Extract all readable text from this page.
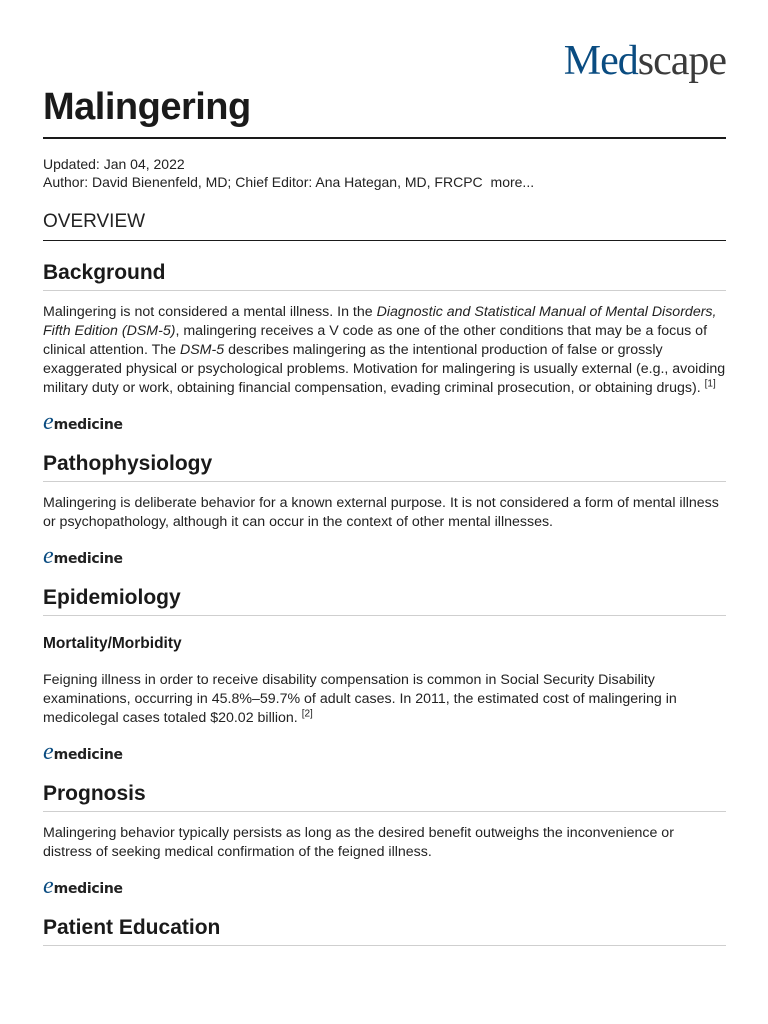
Medscape
Malingering
Updated: Jan 04, 2022
Author: David Bienenfeld, MD; Chief Editor: Ana Hategan, MD, FRCPC more...
OVERVIEW
Background

Malingering is not considered a mental illness. In the Diagnostic and Statistical Manual of Mental Disorders, Fifth Edition (DSM-5), malingering receives a V code as one of the other conditions that may be a focus of clinical attention. The DSM-5 describes malingering as the intentional production of false or grossly exaggerated physical or psychological problems. Motivation for malingering is usually external (e.g., avoiding military duty or work, obtaining financial compensation, evading criminal prosecution, or obtaining drugs). [1]

e medicine
Pathophysiology

Malingering is deliberate behavior for a known external purpose. It is not considered a form of mental illness or psychopathology, although it can occur in the context of other mental illnesses.

e medicine
Epidemiology
Mortality/Morbidity

Feigning illness in order to receive disability compensation is common in Social Security Disability examinations, occurring in 45.8%–59.7% of adult cases. In 2011, the estimated cost of malingering in medicolegal cases totaled $20.02 billion. [2]

e medicine
Prognosis

Malingering behavior typically persists as long as the desired benefit outweighs the inconvenience or distress of seeking medical confirmation of the feigned illness.

e medicine
Patient Education
